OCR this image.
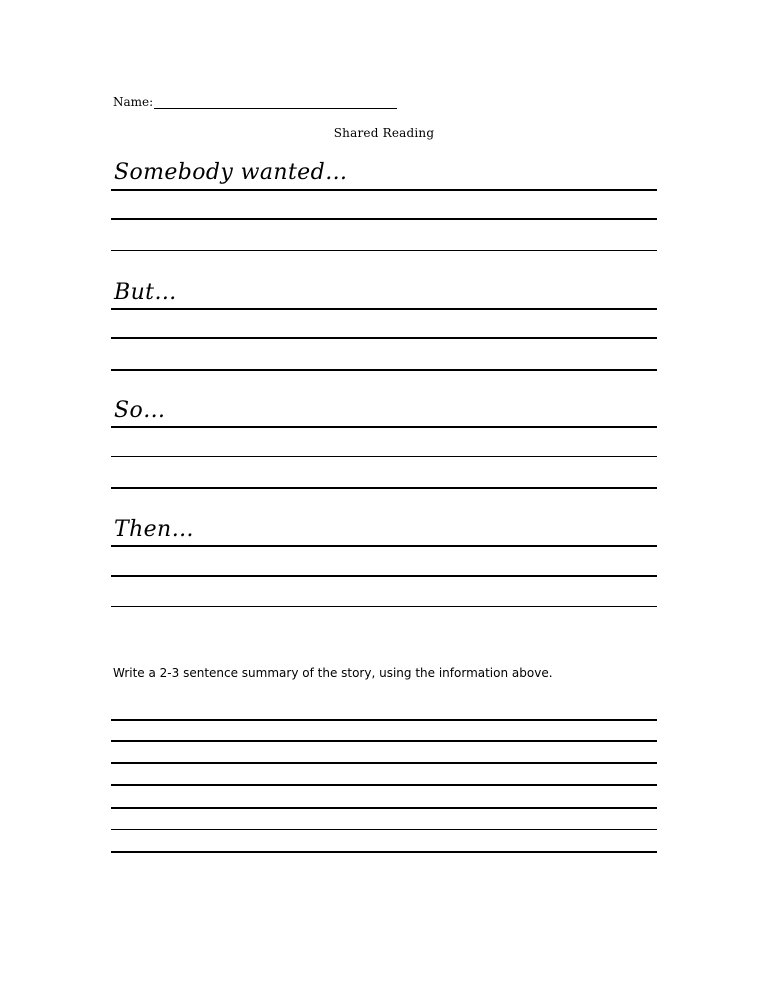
Name:
Shared Reading
Somebody wanted…
But…
So…
Then…
Write a 2-3 sentence summary of the story, using the information above.
